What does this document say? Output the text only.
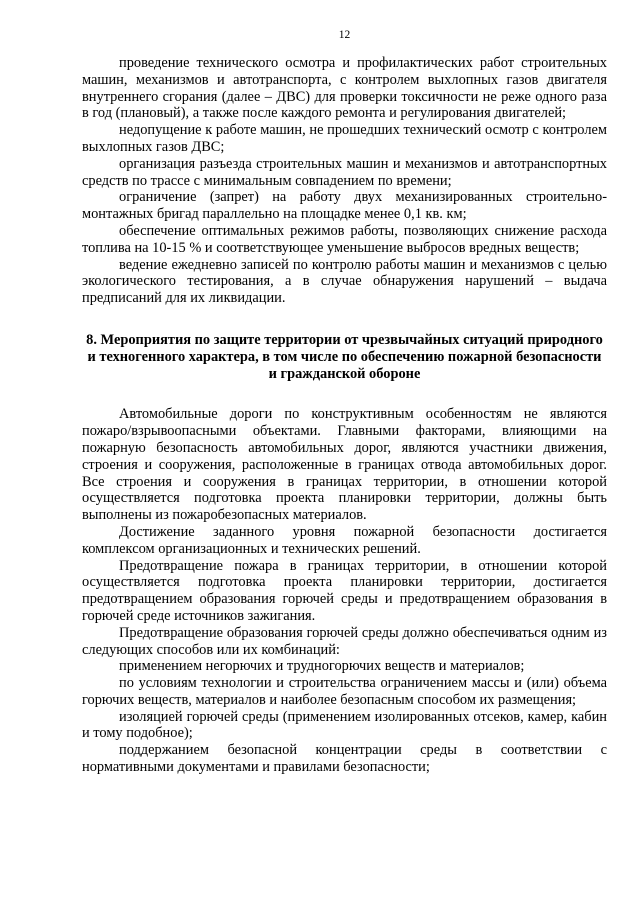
12

проведение технического осмотра и профилактических работ строительных машин, механизмов и автотранспорта, с контролем выхлопных газов двигателя внутреннего сгорания (далее – ДВС) для проверки токсичности не реже одного раза в год (плановый), а также после каждого ремонта и регулирования двигателей;

недопущение к работе машин, не прошедших технический осмотр с контролем выхлопных газов ДВС;

организация разъезда строительных машин и механизмов и автотранспортных средств по трассе с минимальным совпадением по времени;

ограничение (запрет) на работу двух механизированных строительно-монтажных бригад параллельно на площадке менее 0,1 кв. км;

обеспечение оптимальных режимов работы, позволяющих снижение расхода топлива на 10-15 % и соответствующее уменьшение выбросов вредных веществ;

ведение ежедневно записей по контролю работы машин и механизмов с целью экологического тестирования, а в случае обнаружения нарушений – выдача предписаний для их ликвидации.

8. Мероприятия по защите территории от чрезвычайных ситуаций природного и техногенного характера, в том числе по обеспечению пожарной безопасности и гражданской обороне

Автомобильные дороги по конструктивным особенностям не являются пожаро/взрывоопасными объектами. Главными факторами, влияющими на пожарную безопасность автомобильных дорог, являются участники движения, строения и сооружения, расположенные в границах отвода автомобильных дорог. Все строения и сооружения в границах территории, в отношении которой осуществляется подготовка проекта планировки территории, должны быть выполнены из пожаробезопасных материалов.

Достижение заданного уровня пожарной безопасности достигается комплексом организационных и технических решений.

Предотвращение пожара в границах территории, в отношении которой осуществляется подготовка проекта планировки территории, достигается предотвращением образования горючей среды и предотвращением образования в горючей среде источников зажигания.

Предотвращение образования горючей среды должно обеспечиваться одним из следующих способов или их комбинаций:

применением негорючих и трудногорючих веществ и материалов;

по условиям технологии и строительства ограничением массы и (или) объема горючих веществ, материалов и наиболее безопасным способом их размещения;

изоляцией горючей среды (применением изолированных отсеков, камер, кабин и тому подобное);

поддержанием безопасной концентрации среды в соответствии с нормативными документами и правилами безопасности;
